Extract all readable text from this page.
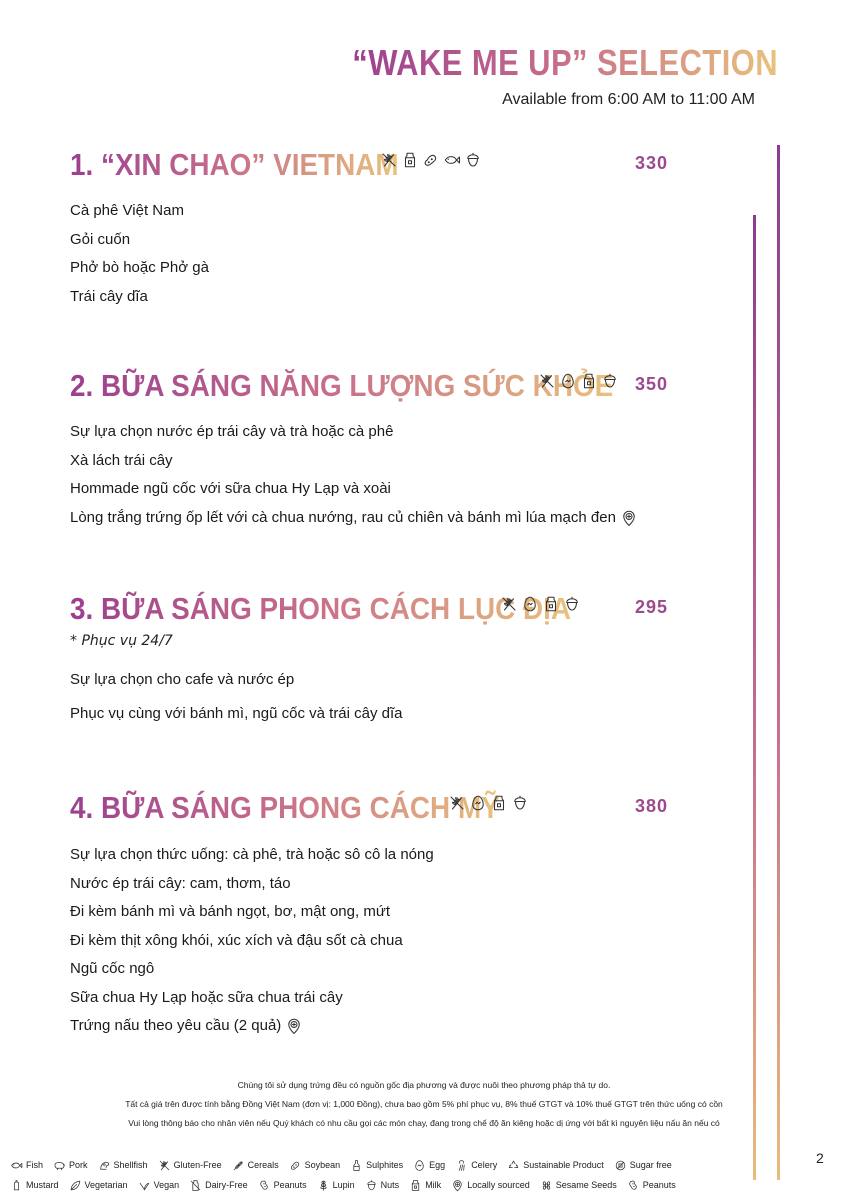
“WAKE ME UP” SELECTION
Available from 6:00 AM to 11:00 AM
1. “XIN CHAO” VIETNAM	330
Cà phê Việt Nam
Gỏi cuốn
Phở bò hoặc Phở gà
Trái cây dĩa
2. BỮA SÁNG NĂNG LƯỢNG SỨC KHỎE 350
Sự lựa chọn nước ép trái cây và trà hoặc cà phê
Xà lách trái cây
Hommade ngũ cốc với sữa chua Hy Lạp và xoài
Lòng trắng trứng ốp lết với cà chua nướng, rau củ chiên và bánh mì lúa mạch đen
3. BỮA SÁNG PHONG CÁCH LỤC ĐỊA	295
* Phục vụ 24/7
Sự lựa chọn cho cafe và nước ép
Phục vụ cùng với bánh mì, ngũ cốc và trái cây dĩa
4. BỮA SÁNG PHONG CÁCH MỸ	380
Sự lựa chọn thức uống: cà phê, trà hoặc sô cô la nóng
Nước ép trái cây: cam, thơm, táo
Đi kèm bánh mì và bánh ngọt, bơ, mật ong, mứt
Đi kèm thịt xông khói, xúc xích và đậu sốt cà chua
Ngũ cốc ngô
Sữa chua Hy Lạp hoặc sữa chua trái cây
Trứng nấu theo yêu cầu (2 quả)
Chúng tôi sử dụng trứng đều có nguồn gốc địa phương và được nuôi theo phương pháp thả tự do.
Tất cả giá trên được tính bằng Đồng Việt Nam (đơn vị: 1,000 Đồng), chưa bao gồm 5% phí phục vụ, 8% thuế GTGT và 10% thuế GTGT trên thức uống có cồn
Vui lòng thông báo cho nhân viên nếu Quý khách có nhu cầu gọi các món chay, đang trong chế độ ăn kiêng hoặc dị ứng với bất kì nguyên liệu nấu ăn nếu có
Fish	Pork	Shellfish	Gluten-Free	Cereals	Soybean	Sulphites	Egg	Celery	Sustainable Product	Sugar free
Mustard	Vegetarian	Vegan	Dairy-Free	Peanuts	Lupin	Nuts	Milk	Locally sourced	Sesame Seeds	Peanuts
2
